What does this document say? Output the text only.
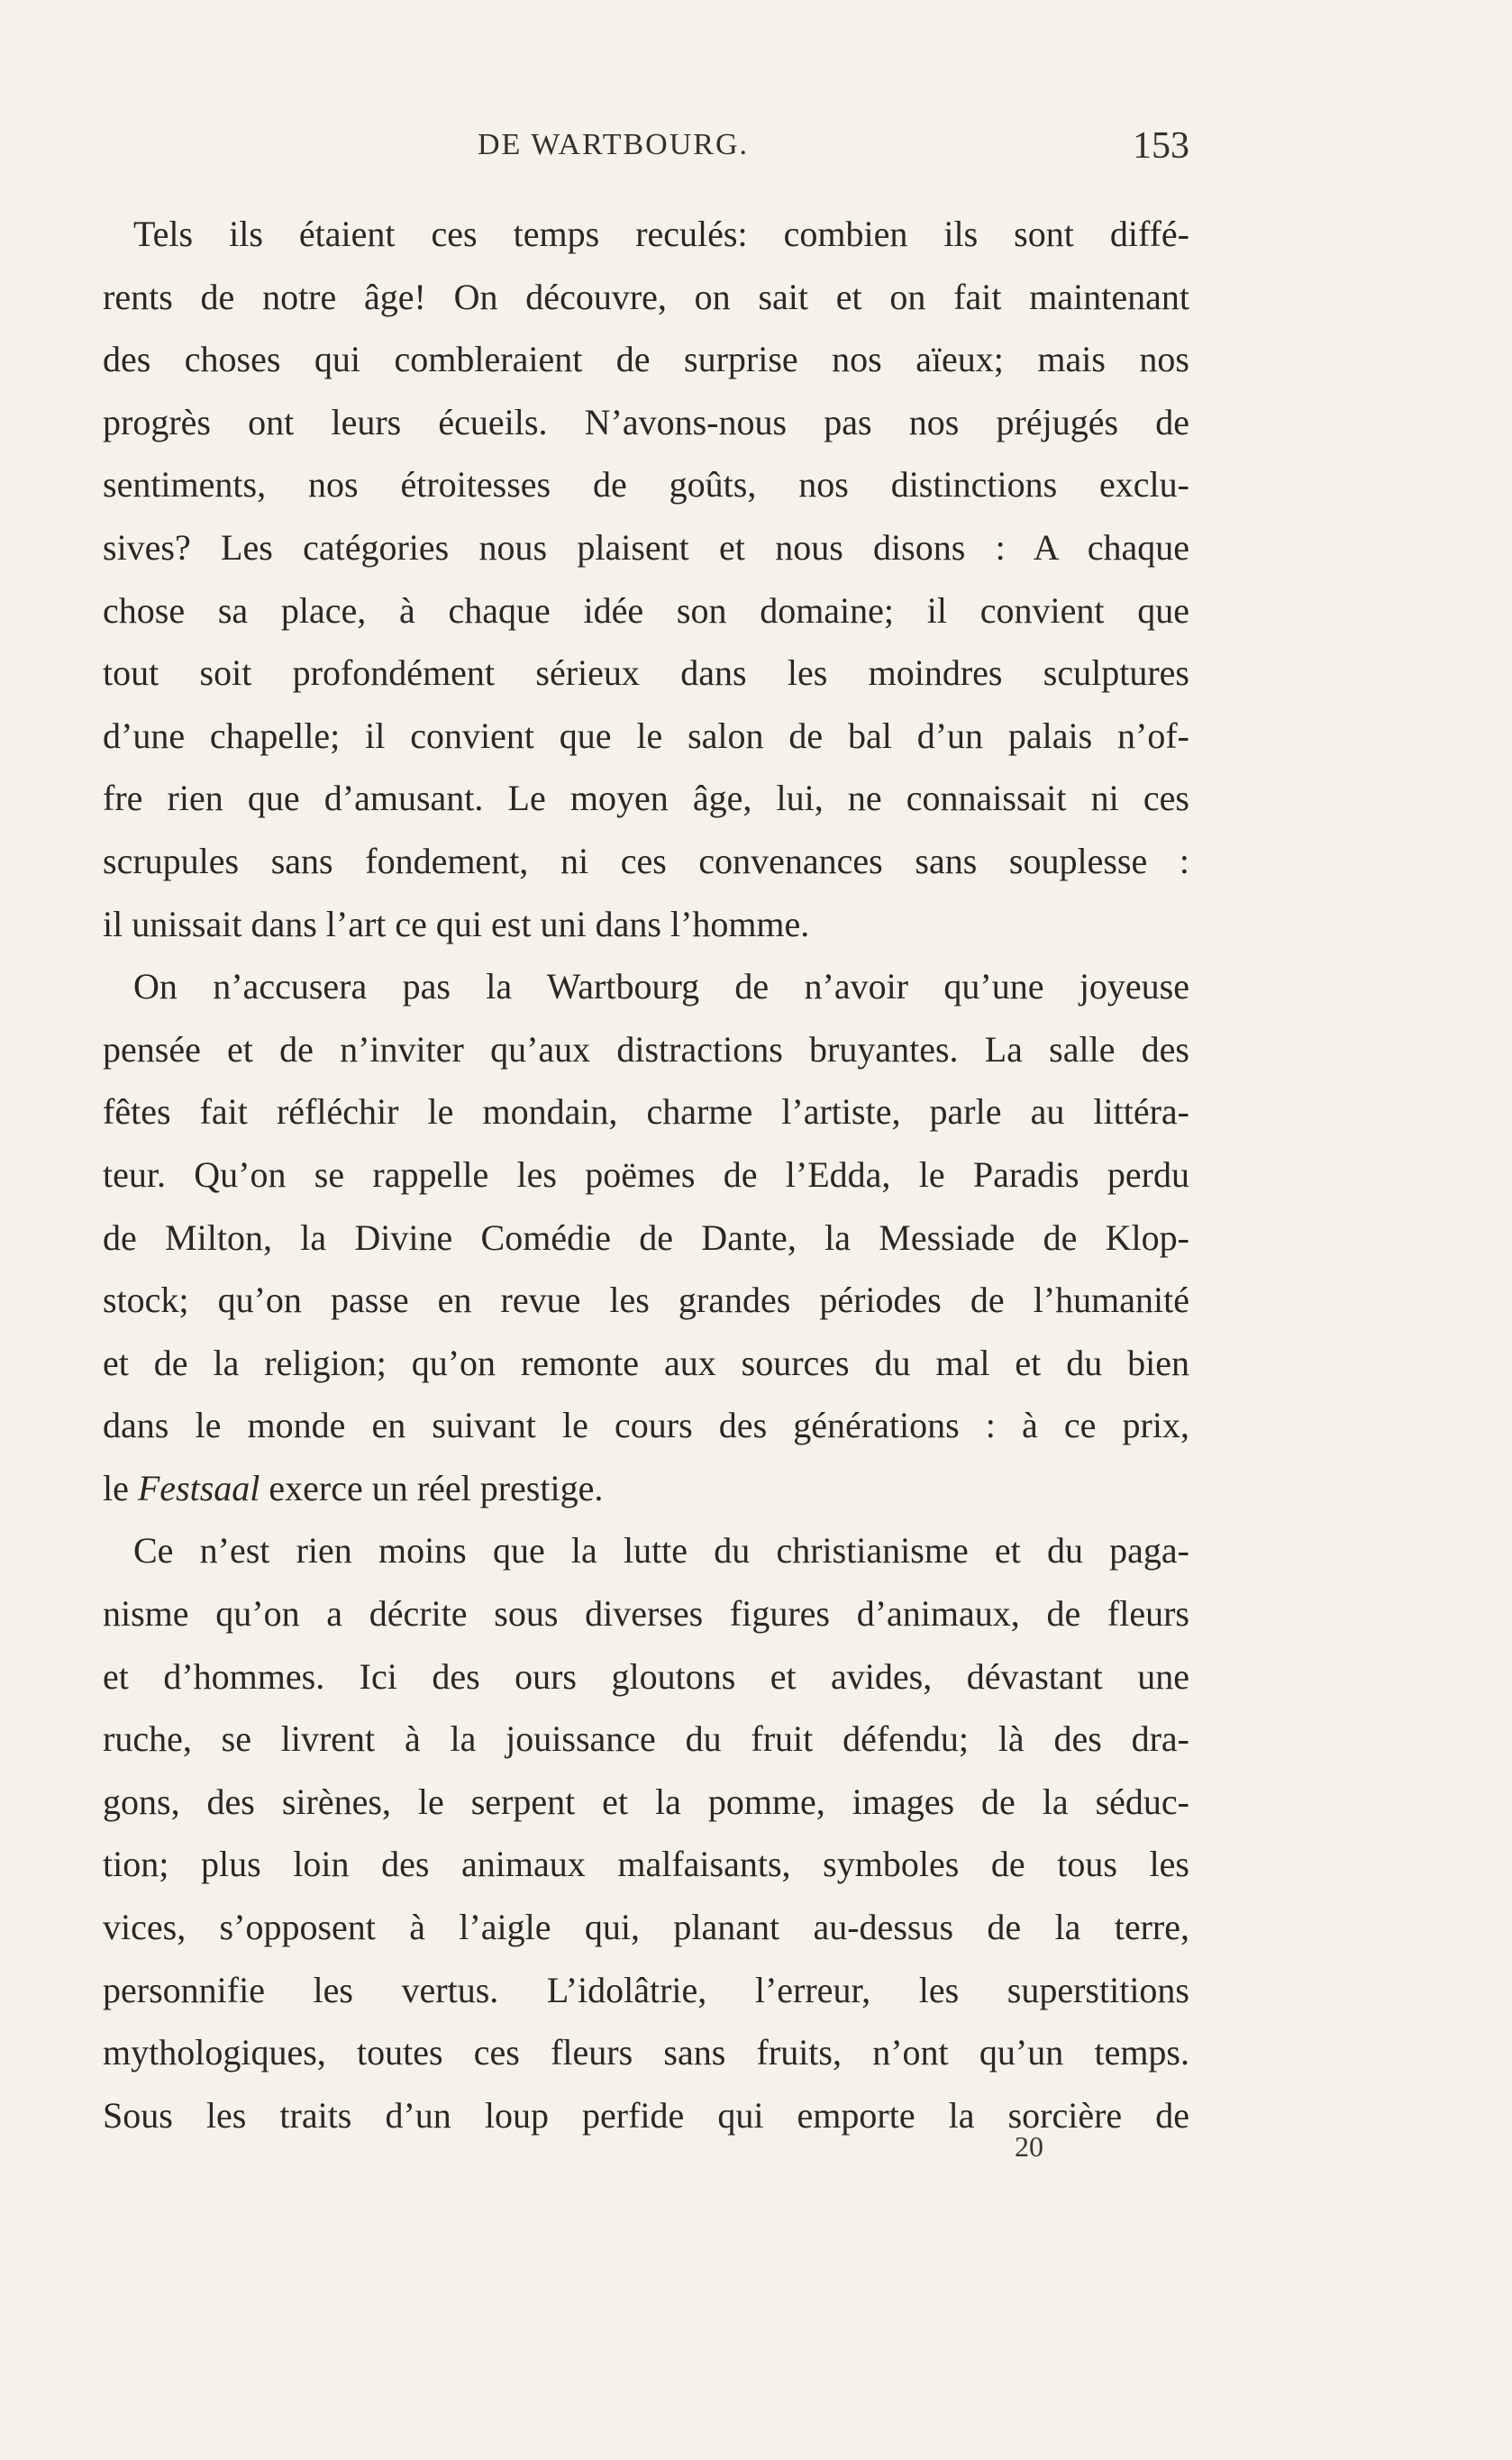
DE WARTBOURG.	153

Tels ils étaient ces temps reculés: combien ils sont diffé-
rents de notre âge! On découvre, on sait et on fait maintenant
des choses qui combleraient de surprise nos aïeux; mais nos
progrès ont leurs écueils. N’avons-nous pas nos préjugés de
sentiments, nos étroitesses de goûts, nos distinctions exclu-
sives? Les catégories nous plaisent et nous disons : A chaque
chose sa place, à chaque idée son domaine; il convient que
tout soit profondément sérieux dans les moindres sculptures
d’une chapelle; il convient que le salon de bal d’un palais n’of-
fre rien que d’amusant. Le moyen âge, lui, ne connaissait ni ces
scrupules sans fondement, ni ces convenances sans souplesse :
il unissait dans l’art ce qui est uni dans l’homme.

On n’accusera pas la Wartbourg de n’avoir qu’une joyeuse
pensée et de n’inviter qu’aux distractions bruyantes. La salle des
fêtes fait réfléchir le mondain, charme l’artiste, parle au littéra-
teur. Qu’on se rappelle les poëmes de l’Edda, le Paradis perdu
de Milton, la Divine Comédie de Dante, la Messiade de Klop-
stock; qu’on passe en revue les grandes périodes de l’humanité
et de la religion; qu’on remonte aux sources du mal et du bien
dans le monde en suivant le cours des générations : à ce prix,
le Festsaal exerce un réel prestige.

Ce n’est rien moins que la lutte du christianisme et du paga-
nisme qu’on a décrite sous diverses figures d’animaux, de fleurs
et d’hommes. Ici des ours gloutons et avides, dévastant une
ruche, se livrent à la jouissance du fruit défendu; là des dra-
gons, des sirènes, le serpent et la pomme, images de la séduc-
tion; plus loin des animaux malfaisants, symboles de tous les
vices, s’opposent à l’aigle qui, planant au-dessus de la terre,
personnifie les vertus. L’idolâtrie, l’erreur, les superstitions
mythologiques, toutes ces fleurs sans fruits, n’ont qu’un temps.
Sous les traits d’un loup perfide qui emporte la sorcière de

20
